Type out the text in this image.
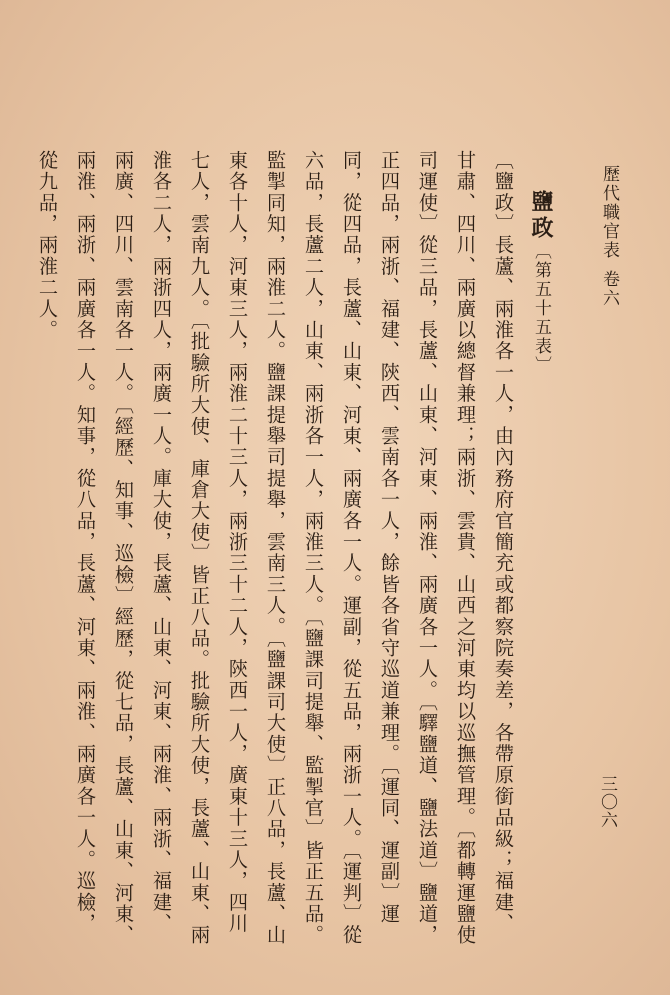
歷代職官表
卷六
三〇六
鹽政〔第五十五表〕

〔鹽政〕長蘆、兩淮各一人，由內務府官簡充或都察院奏差，各帶原銜品級；福建、甘肅、四川、兩廣以總督兼理；兩浙、雲貴、山西之河東均以巡撫管理。〔都轉運鹽使司運使〕從三品，長蘆、山東、河東、兩淮、兩廣各一人。〔驛鹽道、鹽法道〕鹽道，正四品，兩浙、福建、陝西、雲南各一人，餘皆各省守巡道兼理。〔運同、運副〕運同，從四品，長蘆、山東、河東、兩廣各一人。運副，從五品，兩浙一人。〔運判〕從六品，長蘆二人，山東、兩浙各一人，兩淮三人。〔鹽課司提舉、監掣官〕皆正五品。監掣同知，兩淮二人。鹽課提舉司提舉，雲南三人。〔鹽課司大使〕正八品，長蘆、山東各十人，河東三人，兩淮二十三人，兩浙三十二人，陝西一人，廣東十三人，四川七人，雲南九人。〔批驗所大使、庫倉大使〕皆正八品。批驗所大使，長蘆、山東、兩淮各二人，兩浙四人，兩廣一人。庫大使，長蘆、山東、河東、兩淮、兩浙、福建、兩廣、四川、雲南各一人。〔經歷、知事、巡檢〕經歷，從七品，長蘆、山東、河東、兩淮、兩浙、兩廣各一人。知事，從八品，長蘆、河東、兩淮、兩廣各一人。巡檢，從九品，兩淮二人。
